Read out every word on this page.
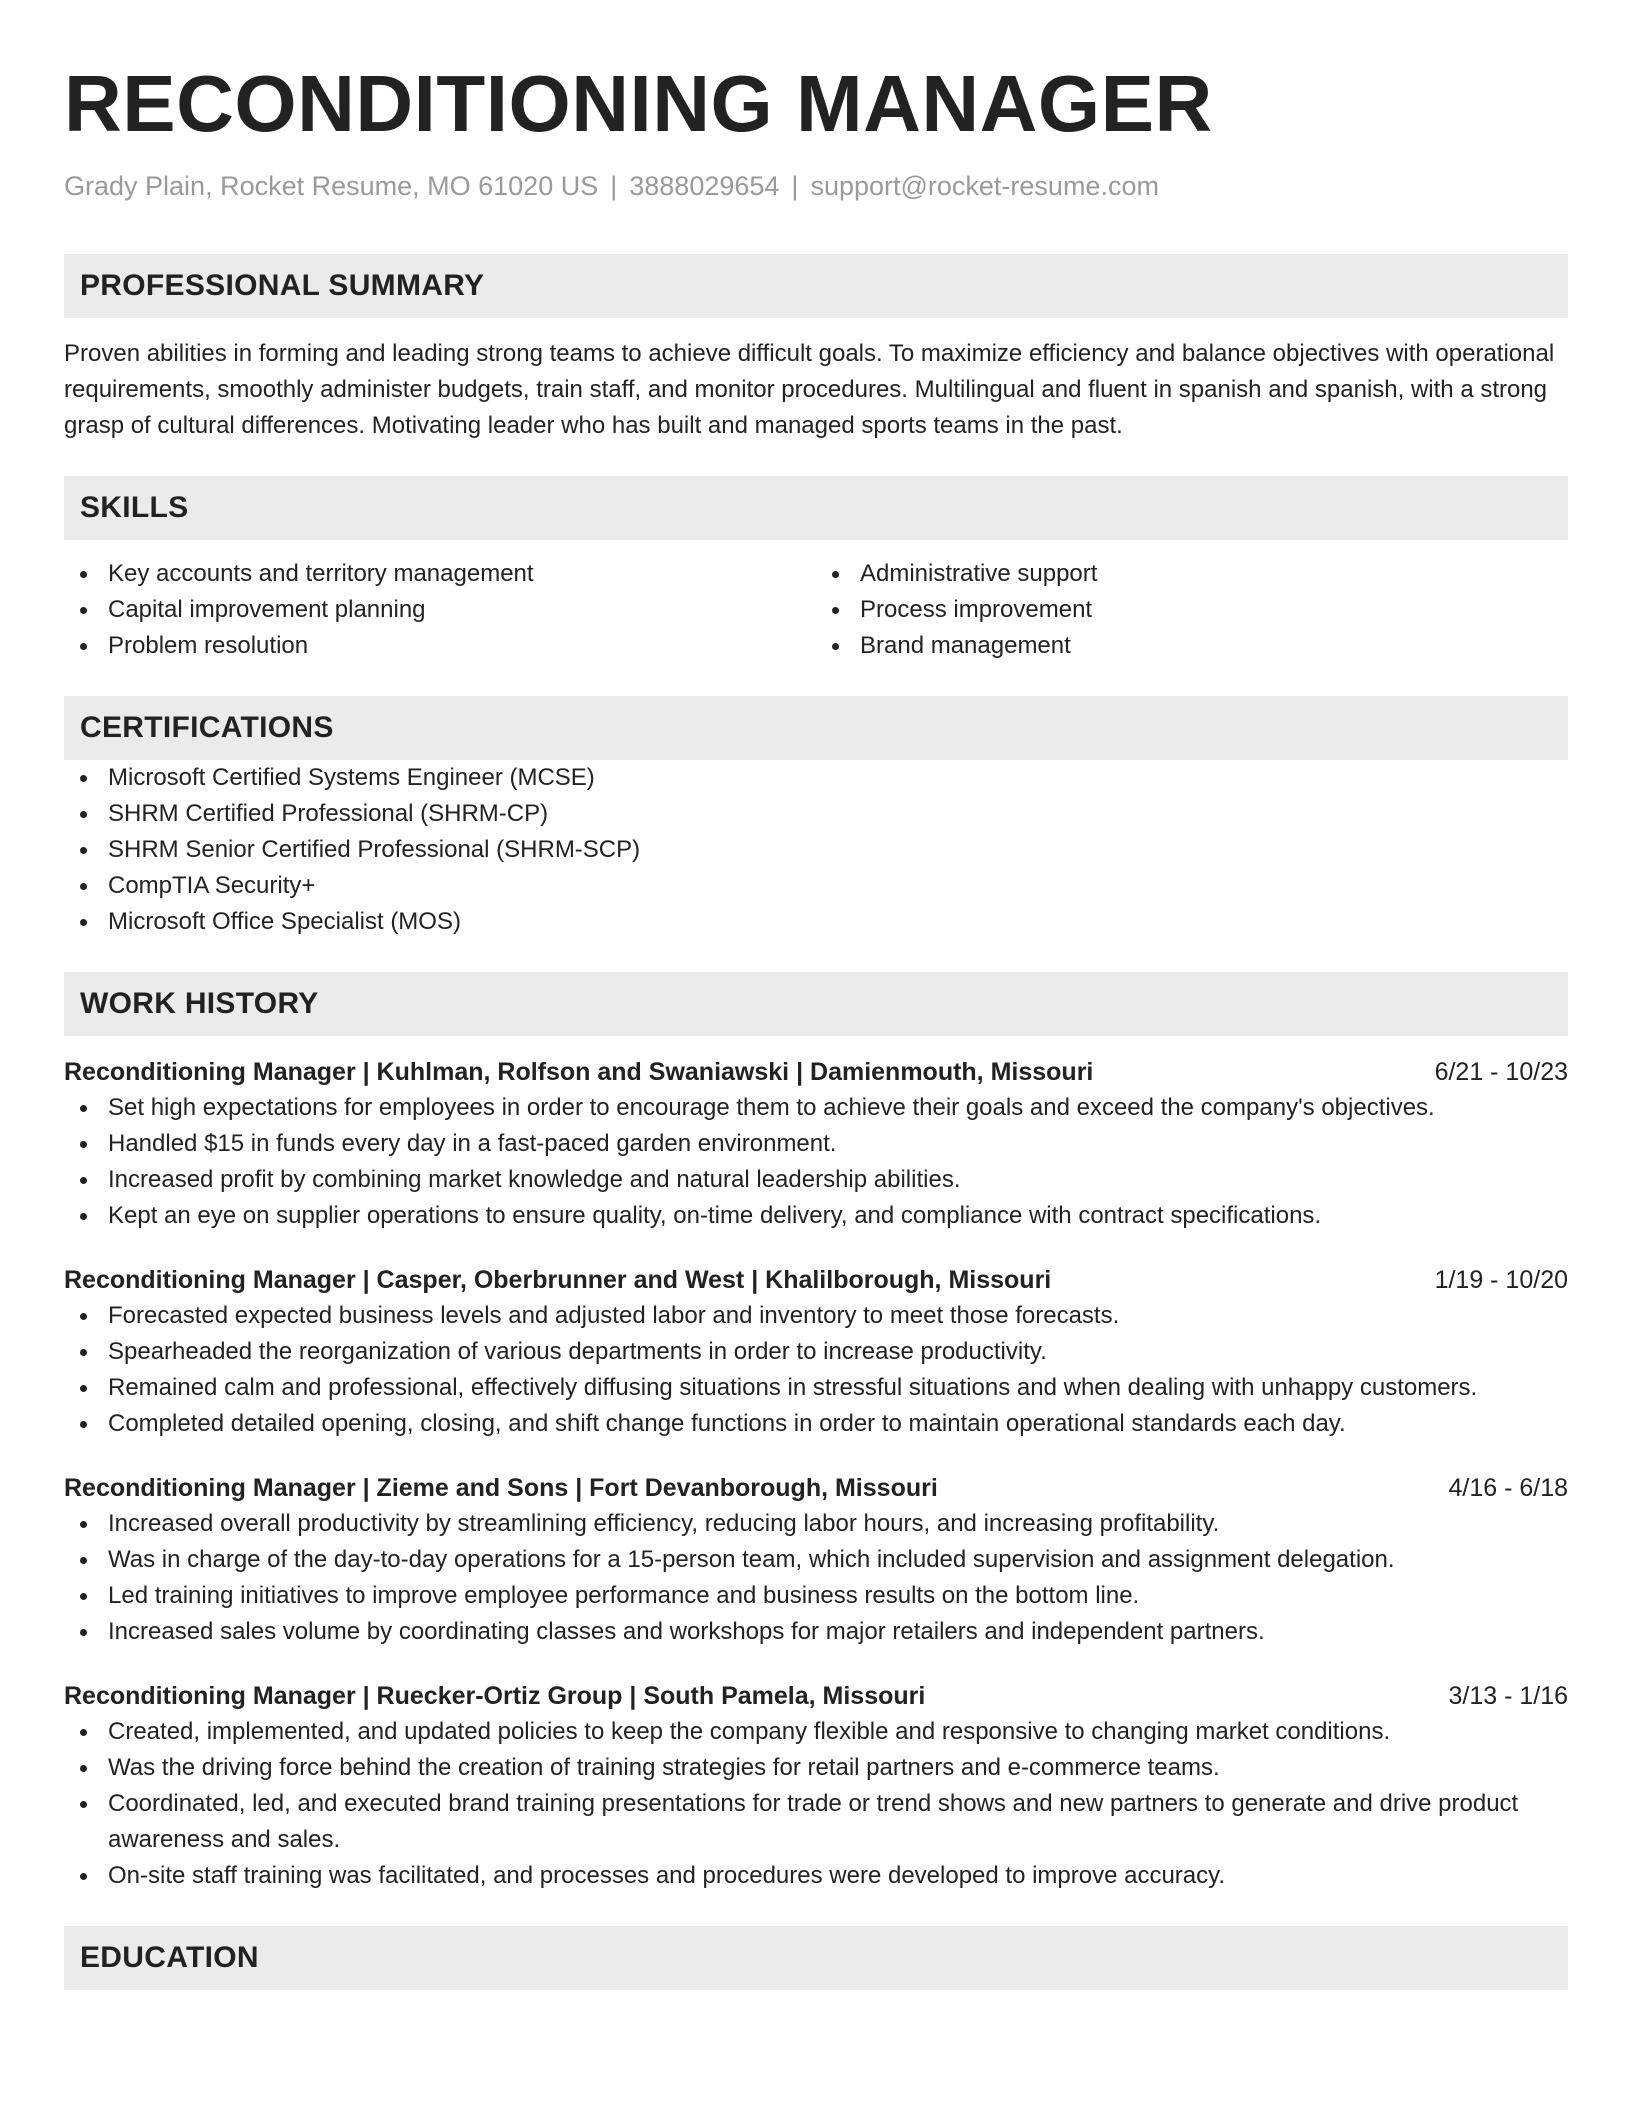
RECONDITIONING MANAGER
Grady Plain, Rocket Resume, MO 61020 US | 3888029654 | support@rocket-resume.com
PROFESSIONAL SUMMARY

Proven abilities in forming and leading strong teams to achieve difficult goals. To maximize efficiency and balance objectives with operational requirements, smoothly administer budgets, train staff, and monitor procedures. Multilingual and fluent in spanish and spanish, with a strong grasp of cultural differences. Motivating leader who has built and managed sports teams in the past.

SKILLS
Key accounts and territory management
Capital improvement planning
Problem resolution
Administrative support
Process improvement
Brand management
CERTIFICATIONS
Microsoft Certified Systems Engineer (MCSE)
SHRM Certified Professional (SHRM-CP)
SHRM Senior Certified Professional (SHRM-SCP)
CompTIA Security+
Microsoft Office Specialist (MOS)
WORK HISTORY
Reconditioning Manager | Kuhlman, Rolfson and Swaniawski | Damienmouth, Missouri	6/21 - 10/23
Set high expectations for employees in order to encourage them to achieve their goals and exceed the company's objectives.
Handled $15 in funds every day in a fast-paced garden environment.
Increased profit by combining market knowledge and natural leadership abilities.
Kept an eye on supplier operations to ensure quality, on-time delivery, and compliance with contract specifications.
Reconditioning Manager | Casper, Oberbrunner and West | Khalilborough, Missouri	1/19 - 10/20
Forecasted expected business levels and adjusted labor and inventory to meet those forecasts.
Spearheaded the reorganization of various departments in order to increase productivity.
Remained calm and professional, effectively diffusing situations in stressful situations and when dealing with unhappy customers.
Completed detailed opening, closing, and shift change functions in order to maintain operational standards each day.
Reconditioning Manager | Zieme and Sons | Fort Devanborough, Missouri	4/16 - 6/18
Increased overall productivity by streamlining efficiency, reducing labor hours, and increasing profitability.
Was in charge of the day-to-day operations for a 15-person team, which included supervision and assignment delegation.
Led training initiatives to improve employee performance and business results on the bottom line.
Increased sales volume by coordinating classes and workshops for major retailers and independent partners.
Reconditioning Manager | Ruecker-Ortiz Group | South Pamela, Missouri	3/13 - 1/16
Created, implemented, and updated policies to keep the company flexible and responsive to changing market conditions.
Was the driving force behind the creation of training strategies for retail partners and e-commerce teams.
Coordinated, led, and executed brand training presentations for trade or trend shows and new partners to generate and drive product awareness and sales.
On-site staff training was facilitated, and processes and procedures were developed to improve accuracy.
EDUCATION
